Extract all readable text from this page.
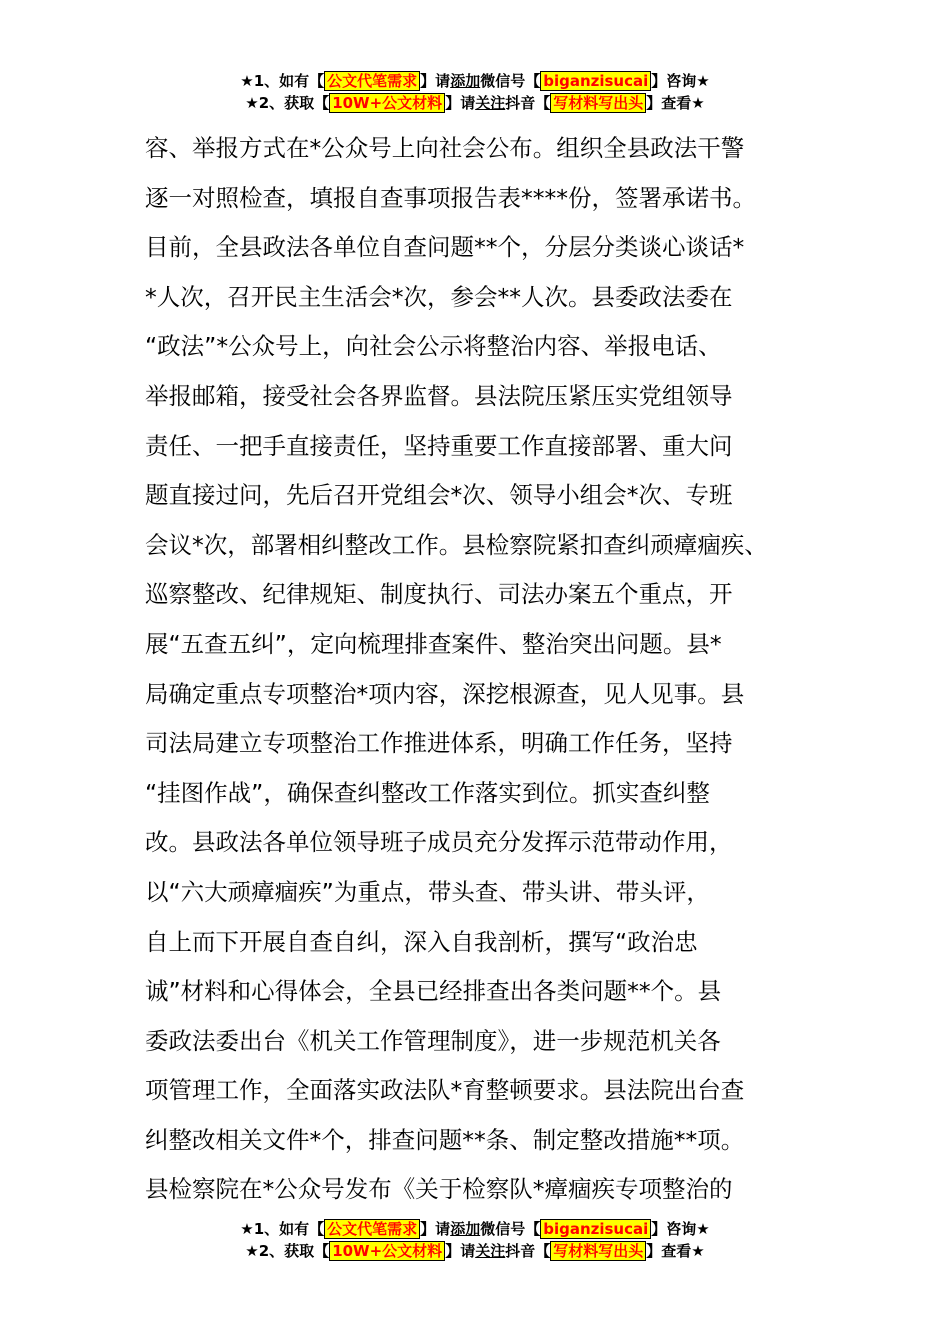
★1、如有【 公文代笔需求 】请添加微信号【 biganzisucai 】咨询★
★2、获取【 10W+公文材料 】请关注抖音【 写材料写出头 】查看★
容、举报方式在*公众号上向社会公布。组织全县政法干警
逐一对照检查，填报自查事项报告表****份，签署承诺书。
目前，全县政法各单位自查问题**个，分层分类谈心谈话*
*人次，召开民主生活会*次，参会**人次。县委政法委在
“政法”*公众号上，向社会公示将整治内容、举报电话、
举报邮箱，接受社会各界监督。县法院压紧压实党组领导
责任、一把手直接责任，坚持重要工作直接部署、重大问
题直接过问，先后召开党组会*次、领导小组会*次、专班
会议*次，部署相纠整改工作。县检察院紧扣查纠顽瘴痼疾、
巡察整改、纪律规矩、制度执行、司法办案五个重点，开
展“五查五纠”，定向梳理排查案件、整治突出问题。县*
局确定重点专项整治*项内容，深挖根源查，见人见事。县
司法局建立专项整治工作推进体系，明确工作任务，坚持
“挂图作战”，确保查纠整改工作落实到位。抓实查纠整
改。县政法各单位领导班子成员充分发挥示范带动作用，
以“六大顽瘴痼疾”为重点，带头查、带头讲、带头评，
自上而下开展自查自纠，深入自我剖析，撰写“政治忠
诚”材料和心得体会，全县已经排查出各类问题**个。县
委政法委出台《机关工作管理制度》，进一步规范机关各
项管理工作，全面落实政法队*育整顿要求。县法院出台查
纠整改相关文件*个，排查问题**条、制定整改措施**项。
县检察院在*公众号发布《关于检察队*瘴痼疾专项整治的
★1、如有【 公文代笔需求 】请添加微信号【 biganzisucai 】咨询★
★2、获取【 10W+公文材料 】请关注抖音【 写材料写出头 】查看★
